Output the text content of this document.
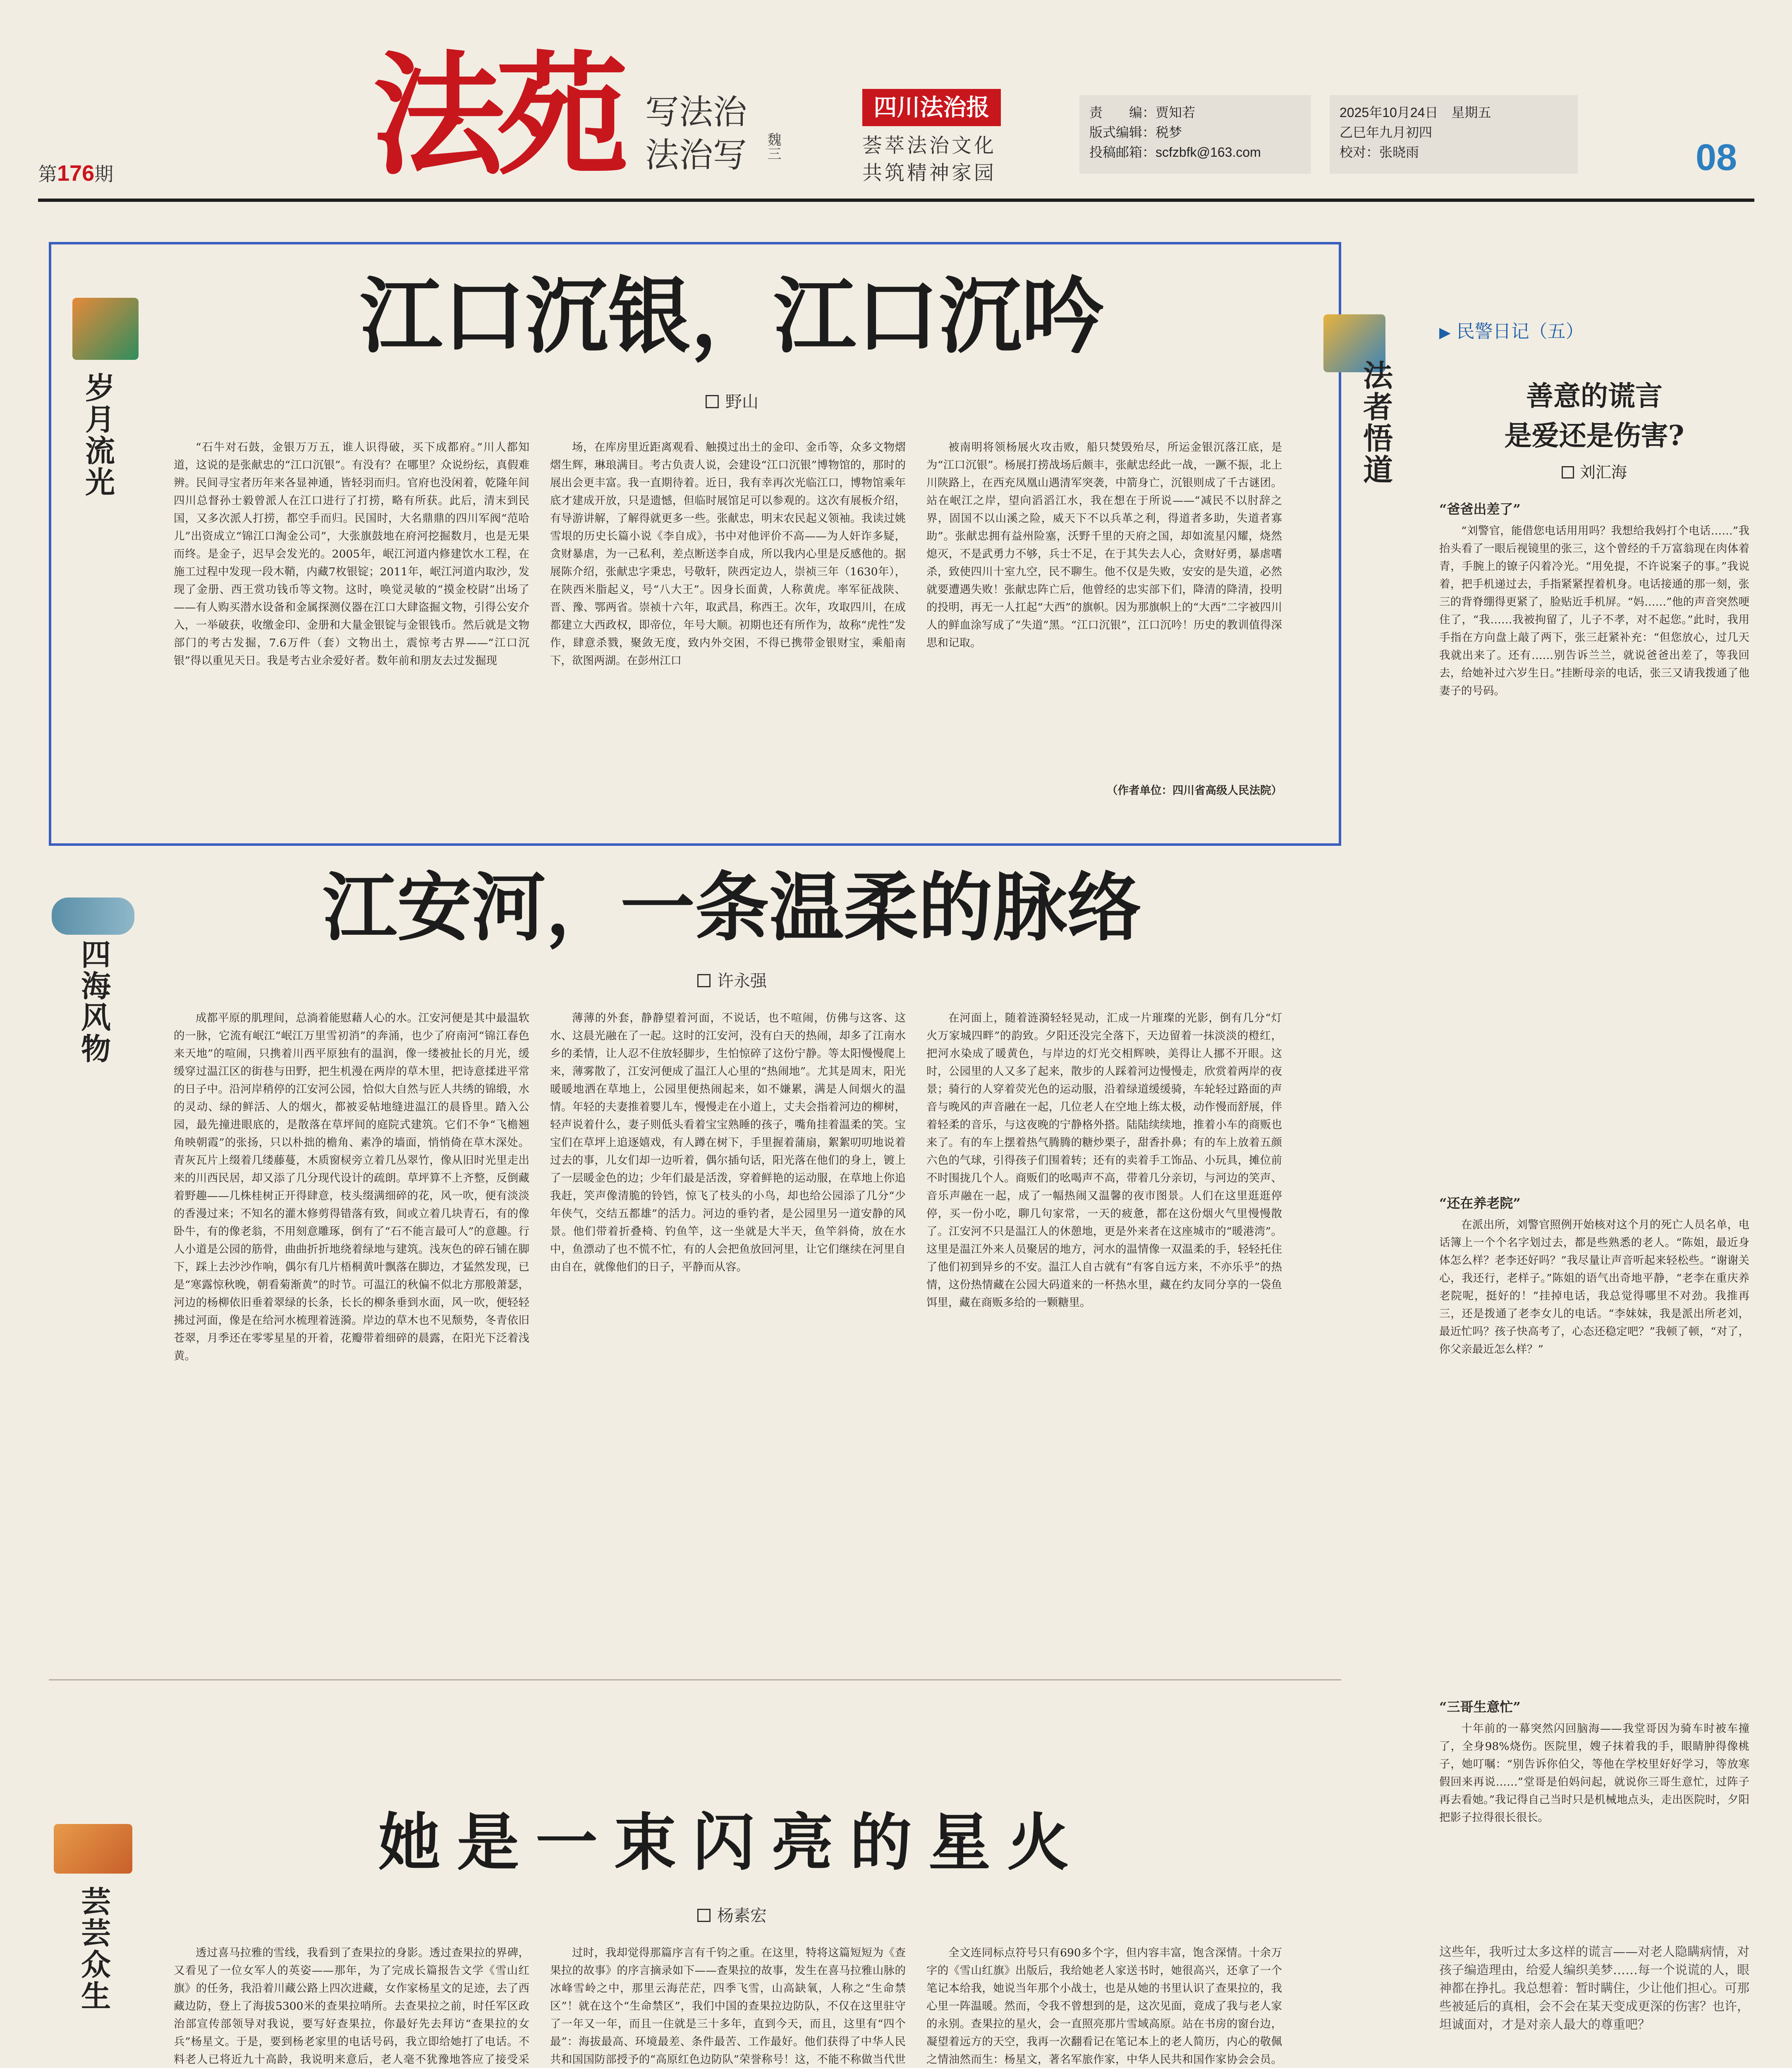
第176期 法苑 写法治
法治写	魏三
四川法治报
荟萃法治文化
共筑精神家园
责　　编：贾知若
版式编辑：税梦
投稿邮箱：scfzbfk@163.com
2025年10月24日　星期五
乙巳年九月初四
校对：张晓雨	08
岁月流光
江口沉银，江口沉吟
野山

“石牛对石鼓，金银万万五，谁人识得破，买下成都府。”川人都知道，这说的是张献忠的“江口沉银”。有没有？在哪里？众说纷纭，真假难辨。民间寻宝者历年来各显神通，皆轻羽而归。官府也没闲着，乾隆年间四川总督孙士毅曾派人在江口进行了打捞，略有所获。此后，清末到民国，又多次派人打捞，都空手而归。民国时，大名鼎鼎的四川军阀“范哈儿”出资成立“锦江口淘金公司”，大张旗鼓地在府河挖掘数月，也是无果而终。是金子，迟早会发光的。2005年，岷江河道内修建饮水工程，在施工过程中发现一段木鞘，内藏7枚银锭；2011年，岷江河道内取沙，发现了金册、西王赏功钱币等文物。这时，唤觉灵敏的“摸金校尉”出场了——有人购买潜水设备和金属探测仪器在江口大肆盗掘文物，引得公安介入，一举破获，收缴金印、金册和大量金银锭与金银钱币。然后就是文物部门的考古发掘，7.6万件（套）文物出土，震惊考古界——“江口沉银”得以重见天日。我是考古业余爱好者。数年前和朋友去过发掘现

场，在库房里近距离观看、触摸过出土的金印、金币等，众多文物熠熠生辉，琳琅满目。考古负责人说，会建设“江口沉银”博物馆的，那时的展出会更丰富。我一直期待着。近日，我有幸再次光临江口，博物馆乘年底才建成开放，只是遗憾，但临时展馆足可以参观的。这次有展板介绍，有导游讲解，了解得就更多一些。张献忠，明末农民起义领袖。我读过姚雪垠的历史长篇小说《李自成》，书中对他评价不高——为人奸诈多疑，贪财暴虐，为一己私利，差点断送李自成，所以我内心里是反感他的。据展陈介绍，张献忠字秉忠，号敬轩，陕西定边人，崇祯三年（1630年），在陕西米脂起义，号“八大王”。因身长面黄，人称黄虎。率军征战陕、晋、豫、鄂两省。崇祯十六年，取武昌，称西王。次年，攻取四川，在成都建立大西政权，即帝位，年号大顺。初期也还有所作为，故称“虎性”发作，肆意杀戮，聚敛无度，致内外交困，不得已携带金银财宝，乘船南下，欲图两湖。在彭州江口

被南明将领杨展火攻击败，船只焚毁殆尽，所运金银沉落江底，是为“江口沉银”。杨展打捞战场后颇丰，张献忠经此一战，一蹶不振，北上川陕路上，在西充凤凰山遇清军突袭，中箭身亡，沉银则成了千古谜团。站在岷江之岸，望向滔滔江水，我在想在于所说——“减民不以肘辞之界，固国不以山溪之险，威天下不以兵革之利，得道者多助，失道者寡助”。张献忠拥有益州险塞，沃野千里的天府之国，却如流星闪耀，烧然熄灭，不是武勇力不够，兵士不足，在于其失去人心，贪财好勇，暴虐嗜杀，致使四川十室九空，民不聊生。他不仅是失败，安安的是失道，必然就要遭遇失败！张献忠阵亡后，他曾经的忠实部下们，降清的降清，投明的投明，再无一人扛起“大西”的旗帜。因为那旗帜上的“大西”二字被四川人的鲜血涂写成了“失道”黑。“江口沉银”，江口沉吟！历史的教训值得深思和记取。

（作者单位：四川省高级人民法院）
四海风物
江安河，一条温柔的脉络
许永强

成都平原的肌理间，总淌着能慰藉人心的水。江安河便是其中最温软的一脉，它流有岷江“岷江万里雪初消”的奔涌，也少了府南河“锦江春色来天地”的喧闹，只携着川西平原独有的温润，像一缕被扯长的月光，缓缓穿过温江区的街巷与田野，把生机漫在两岸的草木里，把诗意揉进平常的日子中。沿河岸稍停的江安河公园，恰似大自然与匠人共绣的锦缎，水的灵动、绿的鲜活、人的烟火，都被妥帖地缝进温江的晨昏里。踏入公园，最先撞进眼底的，是散落在草坪间的庭院式建筑。它们不争“飞檐翘角映朝霞”的张扬，只以朴拙的檐角、素净的墙面，悄悄倚在草木深处。青灰瓦片上缀着几缕藤蔓，木质窗棂旁立着几丛翠竹，像从旧时光里走出来的川西民居，却又添了几分现代设计的疏朗。草坪算不上齐整，反倒藏着野趣——几株桂树正开得肆意，枝头缀满细碎的花，风一吹，便有淡淡的香漫过来；不知名的灌木修剪得错落有致，间或立着几块青石，有的像卧牛，有的像老翁，不用刻意雕琢，倒有了“石不能言最可人”的意趣。行人小道是公园的筋骨，曲曲折折地绕着绿地与建筑。浅灰色的碎石铺在脚下，踩上去沙沙作响，偶尔有几片梧桐黄叶飘落在脚边，才猛然发现，已是“寒露惊秋晚，朝看菊渐黄”的时节。可温江的秋偏不似北方那般萧瑟，河边的杨柳依旧垂着翠绿的长条，长长的柳条垂到水面，风一吹，便轻轻拂过河面，像是在给河水梳理着涟漪。岸边的草木也不见颓势，冬青依旧苍翠，月季还在零零星星的开着，花瓣带着细碎的晨露，在阳光下泛着浅黄。

薄薄的外套，静静望着河面，不说话，也不喧闹，仿佛与这客、这水、这晨光融在了一起。这时的江安河，没有白天的热闹，却多了江南水乡的柔情，让人忍不住放轻脚步，生怕惊碎了这份宁静。等太阳慢慢爬上来，薄雾散了，江安河便成了温江人心里的“热闹地”。尤其是周末，阳光暖暖地洒在草地上，公园里便热闹起来，如不嫌累，满是人间烟火的温情。年轻的夫妻推着婴儿车，慢慢走在小道上，丈夫会指着河边的柳树，轻声说着什么，妻子则低头看着宝宝熟睡的孩子，嘴角挂着温柔的笑。宝宝们在草坪上追逐嬉戏，有人蹲在树下，手里握着蒲扇，絮絮叨叨地说着过去的事，儿女们却一边听着，偶尔插句话，阳光落在他们的身上，镀上了一层暖金色的边；少年们最是活泼，穿着鲜艳的运动服，在草地上你追我赶，笑声像清脆的铃铛，惊飞了枝头的小鸟，却也给公园添了几分“少年侠气，交结五都雄”的活力。河边的垂钓者，是公园里另一道安静的风景。他们带着折叠椅、钓鱼竿，这一坐就是大半天，鱼竿斜倚，放在水中，鱼漂动了也不慌不忙，有的人会把鱼放回河里，让它们继续在河里自由自在，就像他们的日子，平静而从容。

在河面上，随着涟漪轻轻晃动，汇成一片璀璨的光影，倒有几分“灯火万家城四畔”的韵致。夕阳还没完全落下，天边留着一抹淡淡的橙红，把河水染成了暖黄色，与岸边的灯光交相辉映，美得让人挪不开眼。这时，公园里的人又多了起来，散步的人踩着河边慢慢走，欣赏着两岸的夜景；骑行的人穿着荧光色的运动服，沿着绿道缓缓骑，车轮轻过路面的声音与晚风的声音融在一起，几位老人在空地上练太极，动作慢而舒展，伴着轻柔的音乐，与这夜晚的宁静格外搭。陆陆续续地，推着小车的商贩也来了。有的车上摆着热气腾腾的糖炒栗子，甜香扑鼻；有的车上放着五颜六色的气球，引得孩子们围着转；还有的卖着手工饰品、小玩具，摊位前不时围拢几个人。商贩们的吆喝声不高，带着几分亲切，与河边的笑声、音乐声融在一起，成了一幅热闹又温馨的夜市图景。人们在这里逛逛停停，买一份小吃，聊几句家常，一天的疲惫，都在这份烟火气里慢慢散了。江安河不只是温江人的休憩地，更是外来者在这座城市的“暖港湾”。这里是温江外来人员聚居的地方，河水的温情像一双温柔的手，轻轻托住了他们初到异乡的不安。温江人自古就有“有客自远方来，不亦乐乎”的热情，这份热情藏在公园大码道来的一杯热水里，藏在约友同分享的一袋鱼饵里，藏在商贩多给的一颗糖里。

芸芸众生
她是一束闪亮的星火
杨素宏

透过喜马拉雅的雪线，我看到了查果拉的身影。透过查果拉的界碑，又看见了一位女军人的英姿——那年，为了完成长篇报告文学《雪山红旗》的任务，我沿着川藏公路上四次进藏，女作家杨星文的足迹，去了西藏边防，登上了海拔5300米的查果拉哨所。去查果拉之前，时任军区政治部宣传部领导对我说，要写好查果拉，你最好先去拜访“查果拉的女兵”杨星文。于是，要到杨老家里的电话号码，我立即给她打了电话。不料老人已将近九十高龄，我说明来意后，老人毫不犹豫地答应了接受采

过时，我却觉得那篇序言有千钧之重。在这里，特将这篇短短为《查果拉的故事》的序言摘录如下——查果拉的故事，发生在喜马拉雅山脉的冰峰雪岭之中，那里云海茫茫，四季飞雪，山高缺氧，人称之“生命禁区”！就在这个“生命禁区”，我们中国的查果拉边防队，不仅在这里驻守了一年又一年，而且一住就是三十多年，直到今天，而且，这里有“四个最”：海拔最高、环境最差、条件最苦、工作最好。他们获得了中华人民共和国国防部授予的“高原红色边防队”荣誉称号！这，不能不称做当代世

全文连同标点符号只有690多个字，但内容丰富，饱含深情。十余万字的《雪山红旗》出版后，我给她老人家送书时，她很高兴，还拿了一个笔记本给我，她说当年那个小战士，也是从她的书里认识了查果拉的，我心里一阵温暖。然而，令我不曾想到的是，这次见面，竟成了我与老人家的永别。查果拉的星火，会一直照亮那片雪域高原。站在书房的窗台边，凝望着远方的天空，我再一次翻看记在笔记本上的老人简历，内心的敬佩之情油然而生：杨星文，著名军旅作家，中华人民共和国作家协会会员。

法者悟道
▶ 民警日记（五）
善意的谎言
是爱还是伤害?
刘汇海
“爸爸出差了”

“刘警官，能借您电话用用吗？我想给我妈打个电话……”我抬头看了一眼后视镜里的张三，这个曾经的千万富翁现在肉体着青，手腕上的镣子闪着冷光。“用免提，不许说案子的事。”我说着，把手机递过去，手指紧紧捏着机身。电话接通的那一刻，张三的背脊绷得更紧了，脸贴近手机屏。“妈……”他的声音突然哽住了，“我……我被拘留了，儿子不孝，对不起您。”此时，我用手指在方向盘上敲了两下，张三赶紧补充：“但您放心，过几天我就出来了。还有……别告诉兰兰，就说爸爸出差了，等我回去，给她补过六岁生日。”挂断母亲的电话，张三又请我拨通了他妻子的号码。

“还在养老院”

在派出所，刘警官照例开始核对这个月的死亡人员名单，电话簿上一个个名字划过去，都是些熟悉的老人。“陈姐，最近身体怎么样？老李还好吗？”我尽量让声音听起来轻松些。“谢谢关心，我还行，老样子。”陈姐的语气出奇地平静，“老李在重庆养老院呢，挺好的！”挂掉电话，我总觉得哪里不对劲。我推再三，还是拨通了老李女儿的电话。“李妹妹，我是派出所老刘，最近忙吗？孩子快高考了，心态还稳定吧？”我顿了顿，“对了，你父亲最近怎么样？”

“三哥生意忙”

十年前的一幕突然闪回脑海——我堂哥因为骑车时被车撞了，全身98%烧伤。医院里，嫂子抹着我的手，眼睛肿得像桃子，她叮嘱：“别告诉你伯父，等他在学校里好好学习，等放寒假回来再说……”堂哥是伯妈问起，就说你三哥生意忙，过阵子再去看她。”我记得自己当时只是机械地点头，走出医院时，夕阳把影子拉得很长很长。

这些年，我听过太多这样的谎言——对老人隐瞒病情，对孩子编造理由，给爱人编织美梦……每一个说谎的人，眼神都在挣扎。我总想着：暂时瞒住，少让他们担心。可那些被延后的真相，会不会在某天变成更深的伤害？也许，坦诚面对，才是对亲人最大的尊重吧？
